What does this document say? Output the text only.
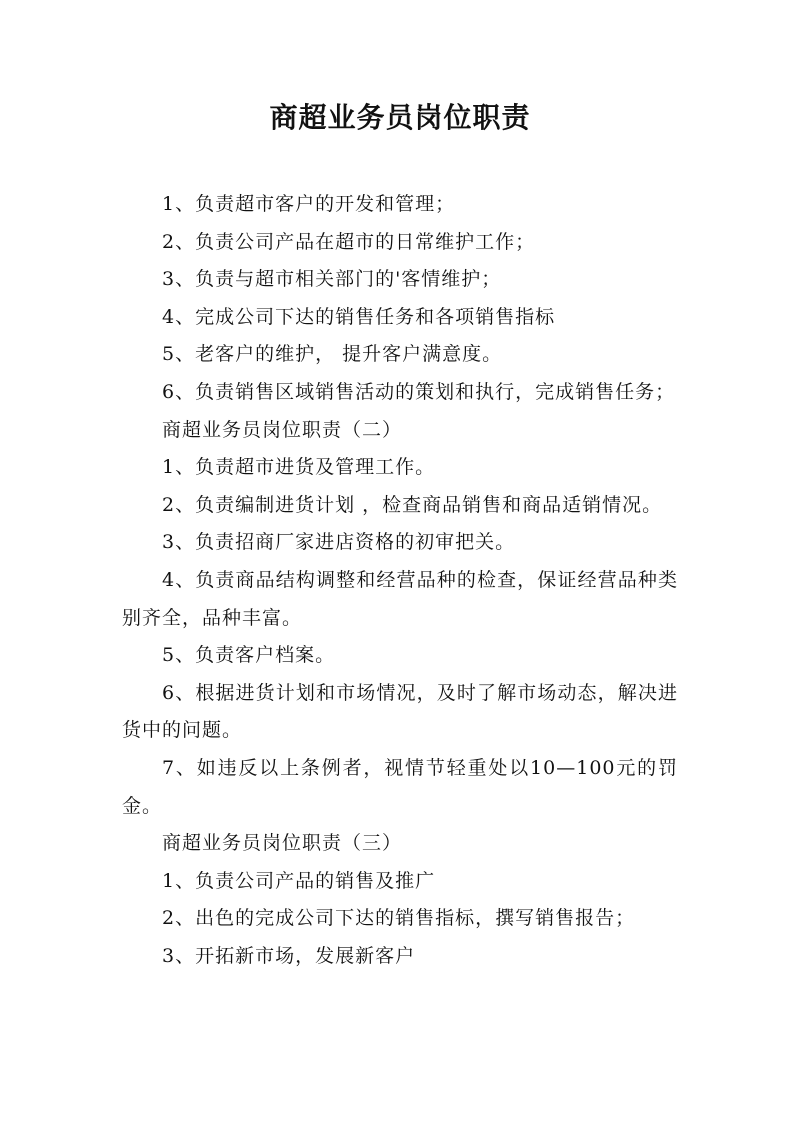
商超业务员岗位职责

1、负责超市客户的开发和管理；

2、负责公司产品在超市的日常维护工作；

3、负责与超市相关部门的'客情维护；

4、完成公司下达的销售任务和各项销售指标

5、老客户的维护， 提升客户满意度。

6、负责销售区域销售活动的策划和执行，完成销售任务；

商超业务员岗位职责（二）

1、负责超市进货及管理工作。

2、负责编制进货计划 ，检查商品销售和商品适销情况。

3、负责招商厂家进店资格的初审把关。

4、负责商品结构调整和经营品种的检查，保证经营品种类别齐全，品种丰富。

5、负责客户档案。

6、根据进货计划和市场情况，及时了解市场动态，解决进货中的问题。

7、如违反以上条例者，视情节轻重处以10—100元的罚金。

商超业务员岗位职责（三）

1、负责公司产品的销售及推广

2、出色的完成公司下达的销售指标，撰写销售报告；

3、开拓新市场，发展新客户
